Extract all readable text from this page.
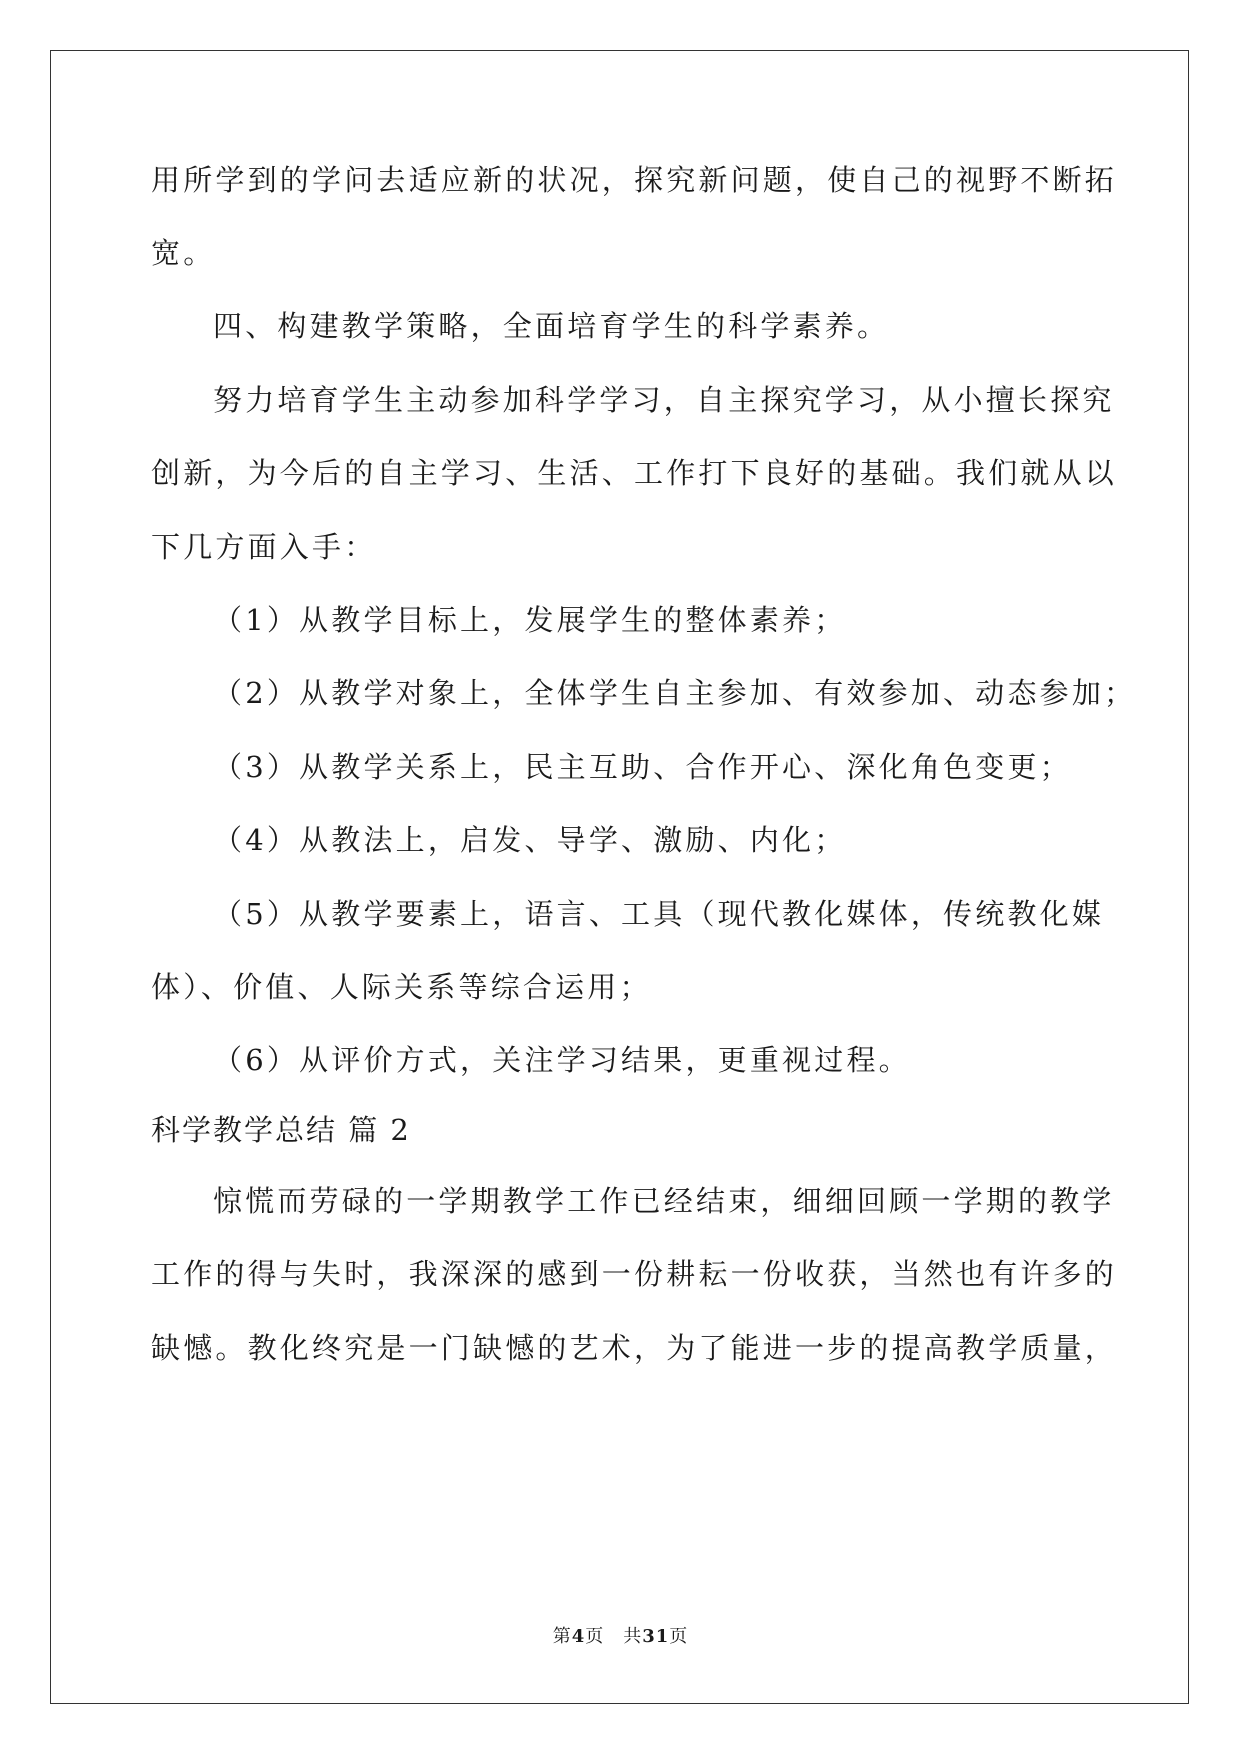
用所学到的学问去适应新的状况，探究新问题，使自己的视野不断拓
宽。
四、构建教学策略，全面培育学生的科学素养。
努力培育学生主动参加科学学习，自主探究学习，从小擅长探究
创新，为今后的自主学习、生活、工作打下良好的基础。我们就从以
下几方面入手：
（1）从教学目标上，发展学生的整体素养；
（2）从教学对象上，全体学生自主参加、有效参加、动态参加；
（3）从教学关系上，民主互助、合作开心、深化角色变更；
（4）从教法上，启发、导学、激励、内化；
（5）从教学要素上，语言、工具（现代教化媒体，传统教化媒
体）、价值、人际关系等综合运用；
（6）从评价方式，关注学习结果，更重视过程。
科学教学总结 篇 2
惊慌而劳碌的一学期教学工作已经结束，细细回顾一学期的教学
工作的得与失时，我深深的感到一份耕耘一份收获，当然也有许多的
缺憾。教化终究是一门缺憾的艺术，为了能进一步的提高教学质量，
第4页　共31页
